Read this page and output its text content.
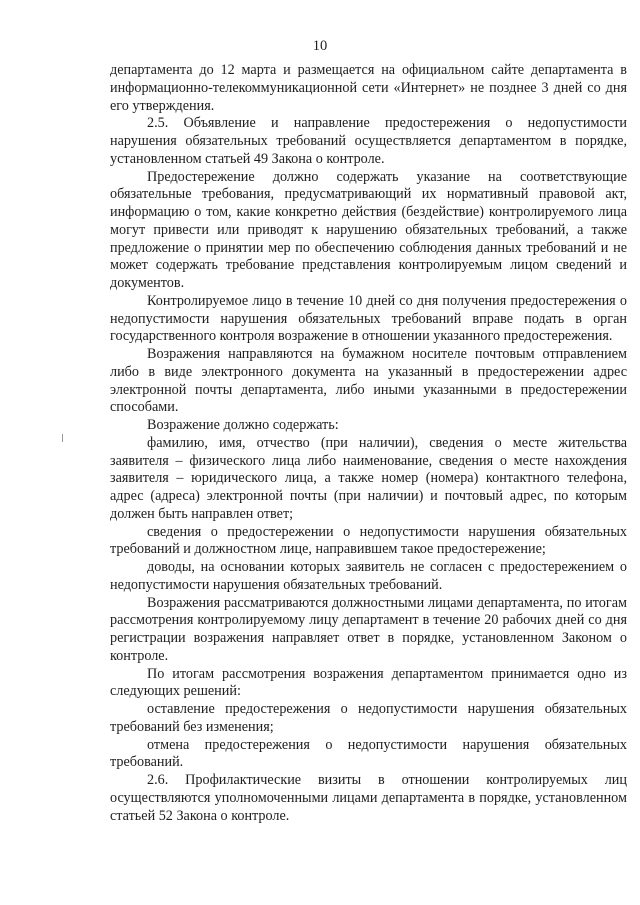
10

департамента до 12 марта и размещается на официальном сайте департамента в информационно-телекоммуникационной сети «Интернет» не позднее 3 дней со дня его утверждения.

2.5. Объявление и направление предостережения о недопустимости нарушения обязательных требований осуществляется департаментом в порядке, установленном статьей 49 Закона о контроле.

Предостережение должно содержать указание на соответствующие обязательные требования, предусматривающий их нормативный правовой акт, информацию о том, какие конкретно действия (бездействие) контролируемого лица могут привести или приводят к нарушению обязательных требований, а также предложение о принятии мер по обеспечению соблюдения данных требований и не может содержать требование представления контролируемым лицом сведений и документов.

Контролируемое лицо в течение 10 дней со дня получения предостережения о недопустимости нарушения обязательных требований вправе подать в орган государственного контроля возражение в отношении указанного предостережения.

Возражения направляются на бумажном носителе почтовым отправлением либо в виде электронного документа на указанный в предостережении адрес электронной почты департамента, либо иными указанными в предостережении способами.

Возражение должно содержать:

фамилию, имя, отчество (при наличии), сведения о месте жительства заявителя – физического лица либо наименование, сведения о месте нахождения заявителя – юридического лица, а также номер (номера) контактного телефона, адрес (адреса) электронной почты (при наличии) и почтовый адрес, по которым должен быть направлен ответ;

сведения о предостережении о недопустимости нарушения обязательных требований и должностном лице, направившем такое предостережение;

доводы, на основании которых заявитель не согласен с предостережением о недопустимости нарушения обязательных требований.

Возражения рассматриваются должностными лицами департамента, по итогам рассмотрения контролируемому лицу департамент в течение 20 рабочих дней со дня регистрации возражения направляет ответ в порядке, установленном Законом о контроле.

По итогам рассмотрения возражения департаментом принимается одно из следующих решений:

оставление предостережения о недопустимости нарушения обязательных требований без изменения;

отмена предостережения о недопустимости нарушения обязательных требований.

2.6. Профилактические визиты в отношении контролируемых лиц осуществляются уполномоченными лицами департамента в порядке, установленном статьей 52 Закона о контроле.
